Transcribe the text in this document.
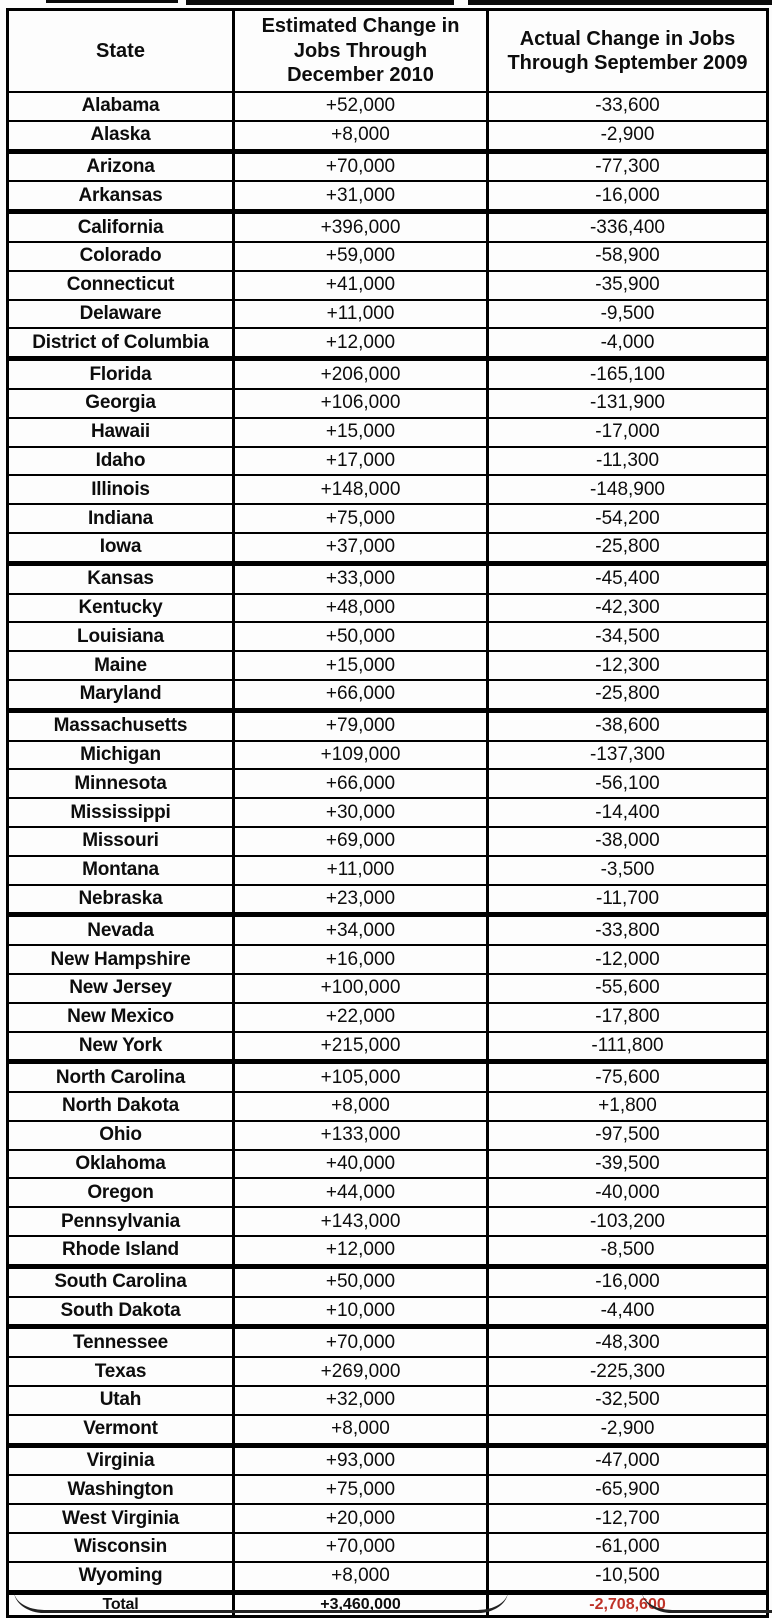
State	Estimated Change in Jobs Through December 2010	Actual Change in Jobs Through September 2009
Alabama	+52,000	-33,600
Alaska	+8,000	-2,900
Arizona	+70,000	-77,300
Arkansas	+31,000	-16,000
California	+396,000	-336,400
Colorado	+59,000	-58,900
Connecticut	+41,000	-35,900
Delaware	+11,000	-9,500
District of Columbia	+12,000	-4,000
Florida	+206,000	-165,100
Georgia	+106,000	-131,900
Hawaii	+15,000	-17,000
Idaho	+17,000	-11,300
Illinois	+148,000	-148,900
Indiana	+75,000	-54,200
Iowa	+37,000	-25,800
Kansas	+33,000	-45,400
Kentucky	+48,000	-42,300
Louisiana	+50,000	-34,500
Maine	+15,000	-12,300
Maryland	+66,000	-25,800
Massachusetts	+79,000	-38,600
Michigan	+109,000	-137,300
Minnesota	+66,000	-56,100
Mississippi	+30,000	-14,400
Missouri	+69,000	-38,000
Montana	+11,000	-3,500
Nebraska	+23,000	-11,700
Nevada	+34,000	-33,800
New Hampshire	+16,000	-12,000
New Jersey	+100,000	-55,600
New Mexico	+22,000	-17,800
New York	+215,000	-111,800
North Carolina	+105,000	-75,600
North Dakota	+8,000	+1,800
Ohio	+133,000	-97,500
Oklahoma	+40,000	-39,500
Oregon	+44,000	-40,000
Pennsylvania	+143,000	-103,200
Rhode Island	+12,000	-8,500
South Carolina	+50,000	-16,000
South Dakota	+10,000	-4,400
Tennessee	+70,000	-48,300
Texas	+269,000	-225,300
Utah	+32,000	-32,500
Vermont	+8,000	-2,900
Virginia	+93,000	-47,000
Washington	+75,000	-65,900
West Virginia	+20,000	-12,700
Wisconsin	+70,000	-61,000
Wyoming	+8,000	-10,500
Total	+3,460,000	-2,708,600
